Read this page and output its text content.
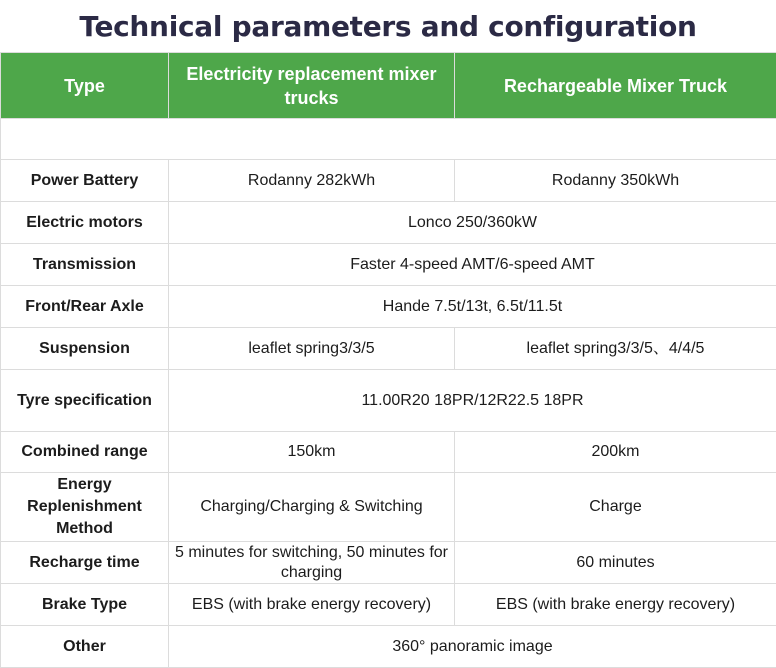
Technical parameters and configuration
Type	Electricity replacement mixer trucks	Rechargeable Mixer Truck

Power Battery	Rodanny 282kWh	Rodanny 350kWh
Electric motors	Lonco 250/360kW	
Transmission	Faster 4-speed AMT/6-speed AMT	
Front/Rear Axle	Hande 7.5t/13t, 6.5t/11.5t	
Suspension	leaflet spring3/3/5	leaflet spring3/3/5、4/4/5
Tyre specification	11.00R20 18PR/12R22.5 18PR	
Combined range	150km	200km
Energy Replenishment Method	Charging/Charging & Switching	Charge
Recharge time	5 minutes for switching, 50 minutes for charging	60 minutes
Brake Type	EBS (with brake energy recovery)	EBS (with brake energy recovery)
Other	360° panoramic image	
